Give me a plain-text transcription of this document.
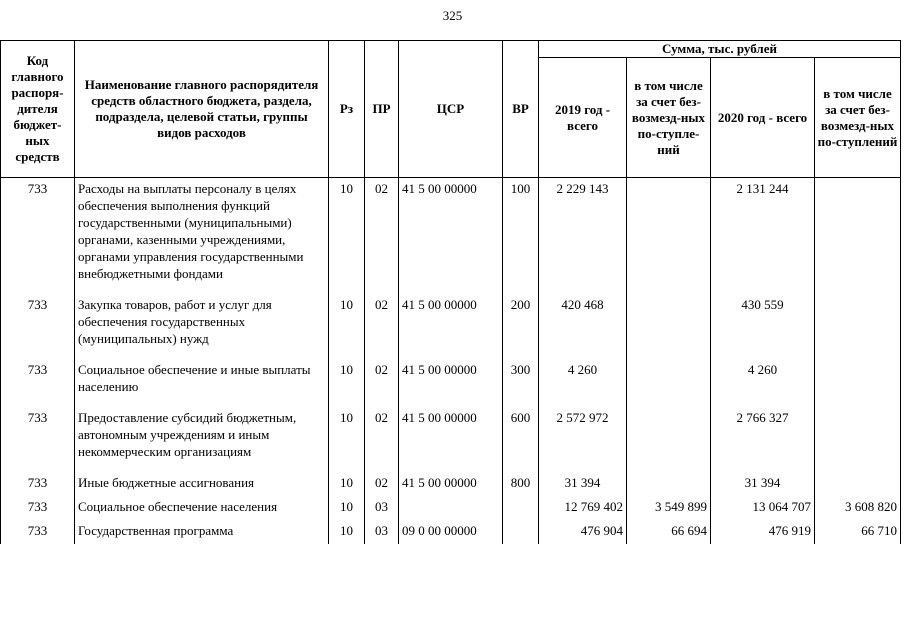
325
Код главного распоря-дителя бюджет-ных средств	Наименование главного распорядителя средств областного бюджета, раздела, подраздела, целевой статьи, группы видов расходов	Рз	ПР	ЦСР	ВР	Сумма, тыс. рублей			
						2019 год - всего	в том числе за счет без-возмезд-ных по-ступле-ний	2020 год - всего	в том числе за счет без-возмезд-ных по-ступлений
733	Расходы на выплаты персоналу в целях обеспечения выполнения функций государственными (муниципальными) органами, казенными учреждениями, органами управления государственными внебюджетными фондами	10	02	41 5 00 00000	100	2 229 143		2 131 244	
733	Закупка товаров, работ и услуг для обеспечения государственных (муниципальных) нужд	10	02	41 5 00 00000	200	420 468		430 559	
733	Социальное обеспечение и иные выплаты населению	10	02	41 5 00 00000	300	4 260		4 260	
733	Предоставление субсидий бюджетным, автономным учреждениям и иным некоммерческим организациям	10	02	41 5 00 00000	600	2 572 972		2 766 327	
733	Иные бюджетные ассигнования	10	02	41 5 00 00000	800	31 394		31 394	
733	Социальное обеспечение населения	10	03			12 769 402	3 549 899	13 064 707	3 608 820
733	Государственная программа	10	03	09 0 00 00000		476 904	66 694	476 919	66 710
